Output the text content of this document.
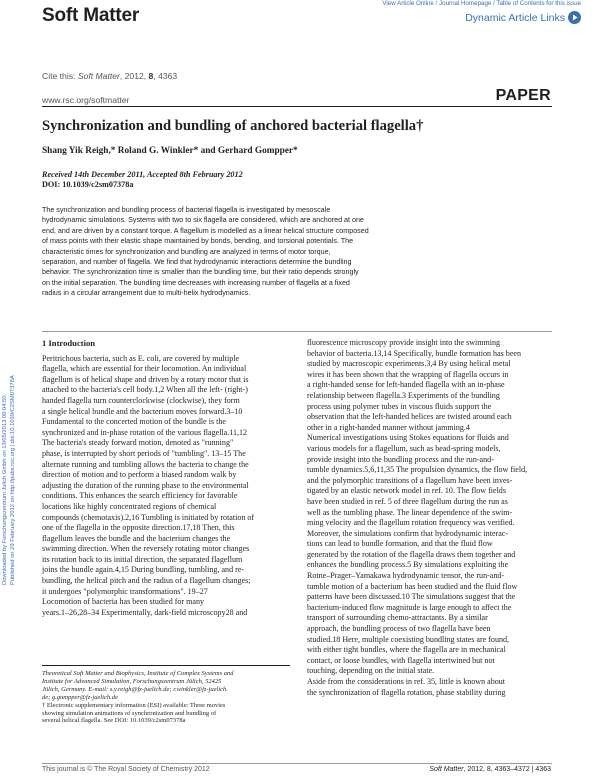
View Article Online / Journal Homepage / Table of Contents for this issue
Soft Matter	Dynamic Article Links
Cite this: Soft Matter, 2012, 8, 4363
www.rsc.org/softmatter	PAPER
Synchronization and bundling of anchored bacterial flagella†
Shang Yik Reigh,* Roland G. Winkler* and Gerhard Gompper*
Received 14th December 2011, Accepted 8th February 2012
DOI: 10.1039/c2sm07378a
The synchronization and bundling process of bacterial flagella is investigated by mesoscale
hydrodynamic simulations. Systems with two to six flagella are considered, which are anchored at one
end, and are driven by a constant torque. A flagellum is modelled as a linear helical structure composed
of mass points with their elastic shape maintained by bonds, bending, and torsional potentials. The
characteristic times for synchronization and bundling are analyzed in terms of motor torque,
separation, and number of flagella. We find that hydrodynamic interactions determine the bundling
behavior. The synchronization time is smaller than the bundling time, but their ratio depends strongly
on the initial separation. The bundling time decreases with increasing number of flagella at a fixed
radius in a circular arrangement due to multi-helix hydrodynamics.
Downloaded by Forschungszentrum Julich Gmbh on 13/05/2013 08:04:50. Published on 29 February 2012 on http://pubs.rsc.org | doi:10.1039/C2SM07378A
1 Introduction
Peritrichous bacteria, such as E. coli, are covered by multiple
flagella, which are essential for their locomotion. An individual
flagellum is of helical shape and driven by a rotary motor that is
attached to the bacteria's cell body.1,2 When all the left- (right-)
handed flagella turn counterclockwise (clockwise), they form
a single helical bundle and the bacterium moves forward.3–10
Fundamental to the concerted motion of the bundle is the
synchronized and in-phase rotation of the various flagella.11,12
The bacteria's steady forward motion, denoted as "running"
phase, is interrupted by short periods of "tumbling". 13–15 The
alternate running and tumbling allows the bacteria to change the
direction of motion and to perform a biased random walk by
adjusting the duration of the running phase to the environmental
conditions. This enhances the search efficiency for favorable
locations like highly concentrated regions of chemical
compounds (chemotaxis).2,16 Tumbling is initiated by rotation of
one of the flagella in the opposite direction.17,18 Then, this
flagellum leaves the bundle and the bacterium changes the
swimming direction. When the reversely rotating motor changes
its rotation back to its initial direction, the separated flagellum
joins the bundle again.4,15 During bundling, tumbling, and re-
bundling, the helical pitch and the radius of a flagellum changes;
it undergoes "polymorphic transformations". 19–27
Locomotion of bacteria has been studied for many
years.1–26,28–34 Experimentally, dark-field microscopy28 and
Theoretical Soft Matter and Biophysics, Institute of Complex Systems and
Institute for Advanced Simulation, Forschungszentrum Jülich, 52425
Jülich, Germany. E-mail: s.y.reigh@fz-juelich.de; r.winkler@fz-juelich.
de; g.gompper@fz-juelich.de
† Electronic supplementary information (ESI) available: Three movies
showing simulation animations of synchronization and bundling of
several helical flagella. See DOI: 10.1039/c2sm07378a
fluorescence microscopy provide insight into the swimming
behavior of bacteria.13,14 Specifically, bundle formation has been
studied by macroscopic experiments.3,4 By using helical metal
wires it has been shown that the wrapping of flagella occurs in
a right-handed sense for left-handed flagella with an in-phase
relationship between flagella.3 Experiments of the bundling
process using polymer tubes in viscous fluids support the
observation that the left-handed helices are twisted around each
other in a right-handed manner without jamming.4
Numerical investigations using Stokes equations for fluids and
various models for a flagellum, such as bead-spring models,
provide insight into the bundling process and the run-and-
tumble dynamics.5,6,11,35 The propulsion dynamics, the flow field,
and the polymorphic transitions of a flagellum have been inves-
tigated by an elastic network model in ref. 10. The flow fields
have been studied in ref. 5 of three flagellum during the run as
well as the tumbling phase. The linear dependence of the swim-
ming velocity and the flagellum rotation frequency was verified.
Moreover, the simulations confirm that hydrodynamic interac-
tions can lead to bundle formation, and that the fluid flow
generated by the rotation of the flagella draws them together and
enhances the bundling process.5 By simulations exploiting the
Rotne–Prager–Yamakawa hydrodynamic tensor, the run-and-
tumble motion of a bacterium has been studied and the fluid flow
patterns have been discussed.10 The simulations suggest that the
bacterium-induced flow magnitude is large enough to affect the
transport of surrounding chemo-attractants. By a similar
approach, the bundling process of two flagella have been
studied.18 Here, multiple coexisting bundling states are found,
with either tight bundles, where the flagella are in mechanical
contact, or loose bundles, with flagella intertwined but not
touching, depending on the initial state.
Aside from the considerations in ref. 35, little is known about
the synchronization of flagella rotation, phase stability during
This journal is © The Royal Society of Chemistry 2012	Soft Matter, 2012, 8, 4363–4372 | 4363
